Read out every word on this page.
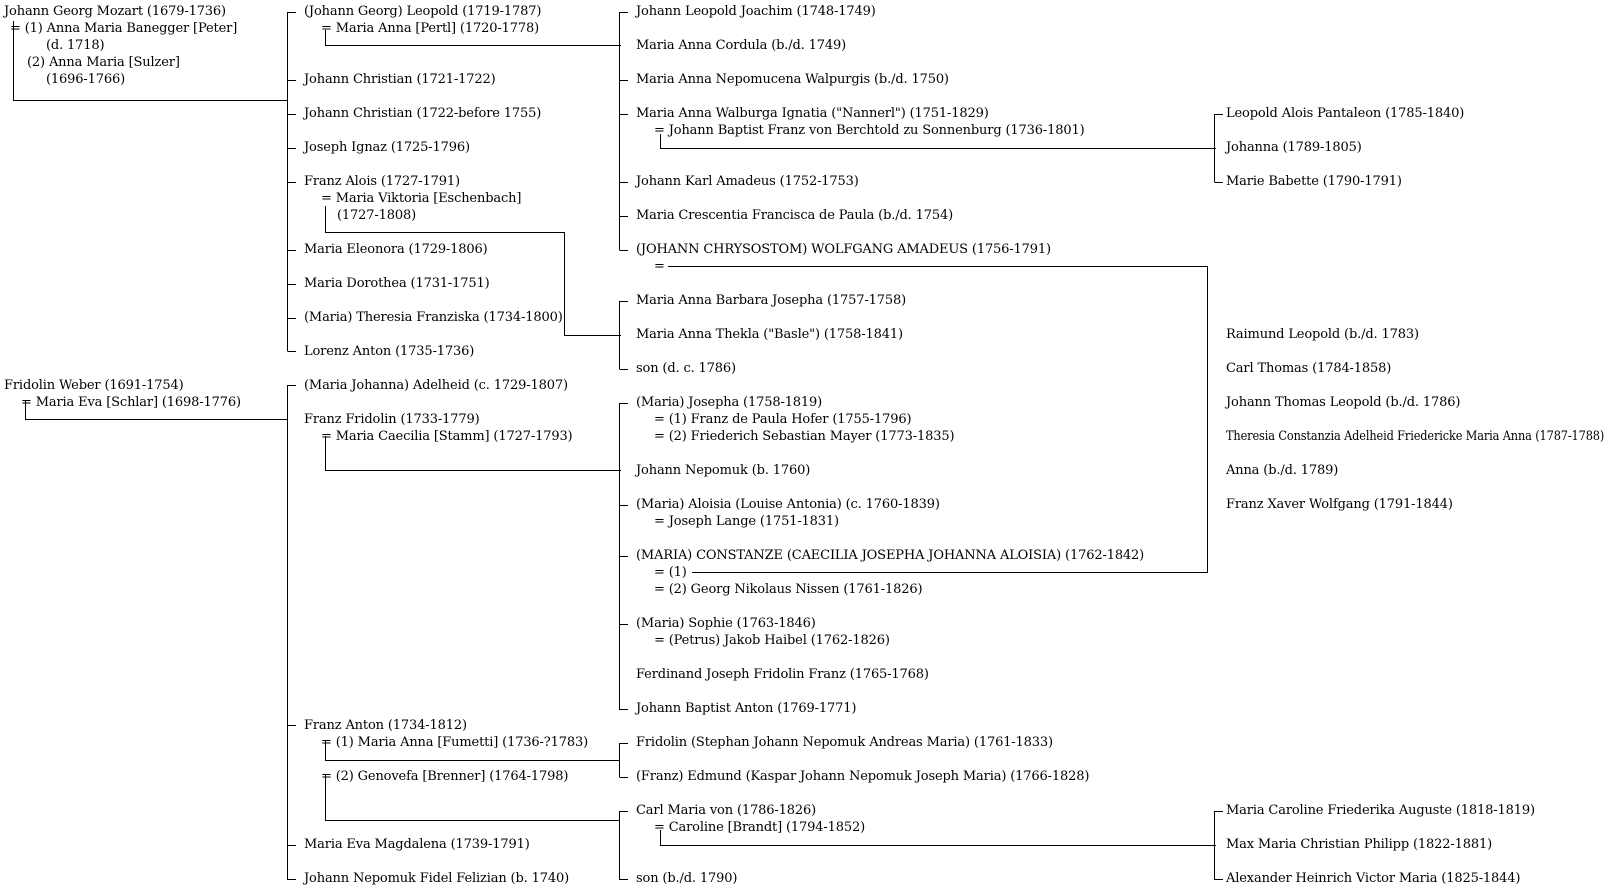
Johann Georg Mozart (1679-1736)
= (1) Anna Maria Banegger [Peter]
(d. 1718)
(2) Anna Maria [Sulzer]
(1696-1766)
Fridolin Weber (1691-1754)
= Maria Eva [Schlar] (1698-1776)
(Johann Georg) Leopold (1719-1787)
= Maria Anna [Pertl] (1720-1778)
Johann Christian (1721-1722)
Johann Christian (1722-before 1755)
Joseph Ignaz (1725-1796)
Franz Alois (1727-1791)
= Maria Viktoria [Eschenbach]
(1727-1808)
Maria Eleonora (1729-1806)
Maria Dorothea (1731-1751)
(Maria) Theresia Franziska (1734-1800)
Lorenz Anton (1735-1736)
(Maria Johanna) Adelheid (c. 1729-1807)
Franz Fridolin (1733-1779)
= Maria Caecilia [Stamm] (1727-1793)
Franz Anton (1734-1812)
= (1) Maria Anna [Fumetti] (1736-?1783)
= (2) Genovefa [Brenner] (1764-1798)
Maria Eva Magdalena (1739-1791)
Johann Nepomuk Fidel Felizian (b. 1740)
Johann Leopold Joachim (1748-1749)
Maria Anna Cordula (b./d. 1749)
Maria Anna Nepomucena Walpurgis (b./d. 1750)
Maria Anna Walburga Ignatia ("Nannerl") (1751-1829)
= Johann Baptist Franz von Berchtold zu Sonnenburg (1736-1801)
Johann Karl Amadeus (1752-1753)
Maria Crescentia Francisca de Paula (b./d. 1754)
(JOHANN CHRYSOSTOM) WOLFGANG AMADEUS (1756-1791)
=
Maria Anna Barbara Josepha (1757-1758)
Maria Anna Thekla ("Basle") (1758-1841)
son (d. c. 1786)
(Maria) Josepha (1758-1819)
= (1) Franz de Paula Hofer (1755-1796)
= (2) Friederich Sebastian Mayer (1773-1835)
Johann Nepomuk (b. 1760)
(Maria) Aloisia (Louise Antonia) (c. 1760-1839)
= Joseph Lange (1751-1831)
(MARIA) CONSTANZE (CAECILIA JOSEPHA JOHANNA ALOISIA) (1762-1842)
= (1)
= (2) Georg Nikolaus Nissen (1761-1826)
(Maria) Sophie (1763-1846)
= (Petrus) Jakob Haibel (1762-1826)
Ferdinand Joseph Fridolin Franz (1765-1768)
Johann Baptist Anton (1769-1771)
Fridolin (Stephan Johann Nepomuk Andreas Maria) (1761-1833)
(Franz) Edmund (Kaspar Johann Nepomuk Joseph Maria) (1766-1828)
Carl Maria von (1786-1826)
= Caroline [Brandt] (1794-1852)
son (b./d. 1790)
Leopold Alois Pantaleon (1785-1840)
Johanna (1789-1805)
Marie Babette (1790-1791)
Raimund Leopold (b./d. 1783)
Carl Thomas (1784-1858)
Johann Thomas Leopold (b./d. 1786)
Theresia Constanzia Adelheid Friedericke Maria Anna (1787-1788)
Anna (b./d. 1789)
Franz Xaver Wolfgang (1791-1844)
Maria Caroline Friederika Auguste (1818-1819)
Max Maria Christian Philipp (1822-1881)
Alexander Heinrich Victor Maria (1825-1844)
